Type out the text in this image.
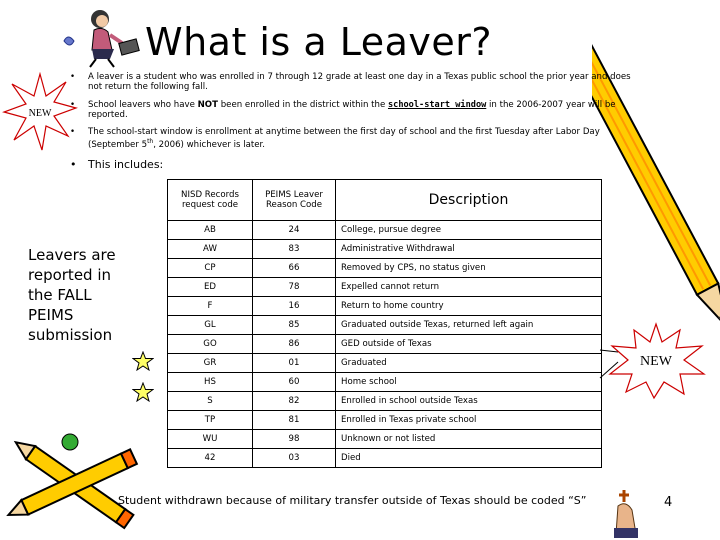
What is a Leaver?
NEW
• A leaver is a student who was enrolled in 7 through 12 grade at least one day in a Texas public school the prior year and does not return the following fall.
• School leavers who have NOT been enrolled in the district within the school-start window in the 2006-2007 year will be reported.
• The school-start window is enrollment at anytime between the first day of school and the first Tuesday after Labor Day (September 5th, 2006) whichever is later.
• This includes:
Leavers are reported in the FALL PEIMS submission
NISD Records request code	PEIMS Leaver Reason Code	Description
AB	24	College, pursue degree
AW	83	Administrative Withdrawal
CP	66	Removed by CPS, no status given
ED	78	Expelled cannot return
F	16	Return to home country
GL	85	Graduated outside Texas, returned left again
GO	86	GED outside of Texas
GR	01	Graduated
HS	60	Home school
S	82	Enrolled in school outside Texas
TP	81	Enrolled in Texas private school
WU	98	Unknown or not listed
42	03	Died
NEW
Student withdrawn because of military transfer outside of Texas should be coded “S”	4
